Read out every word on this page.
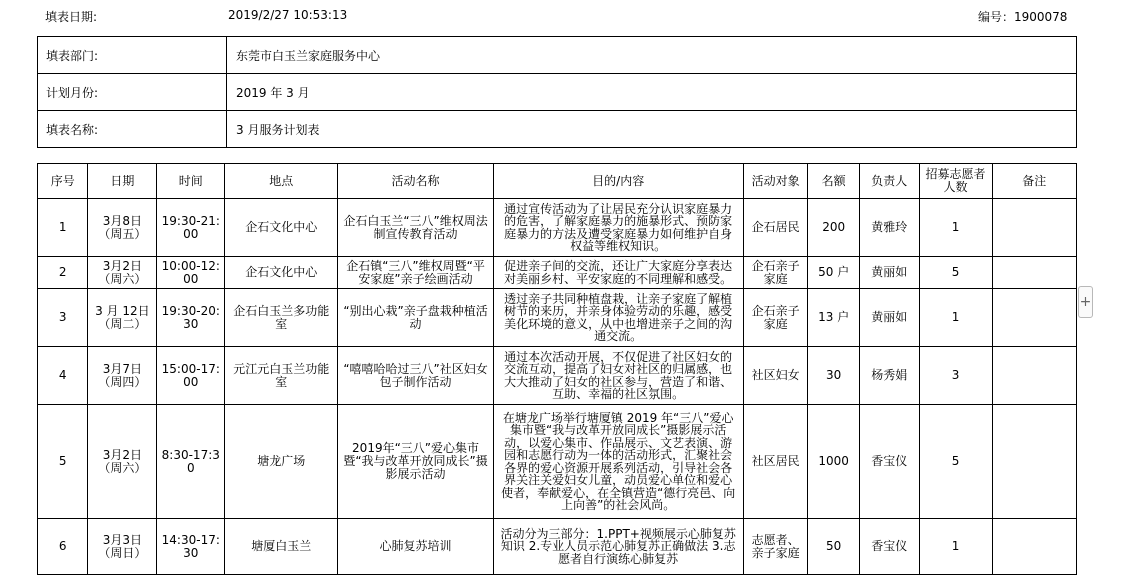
填表日期:	2019/2/27 10:53:13	编号：1900078
填表部门:	东莞市白玉兰家庭服务中心
计划月份:	2019 年 3 月
填表名称:	3 月服务计划表
序号	日期	时间	地点	活动名称	目的/内容	活动对象	名额	负责人	招募志愿者人数	备注
1	3月8日（周五）	19:30-21:00	企石文化中心	企石白玉兰“三八”维权周法制宣传教育活动	通过宣传活动为了让居民充分认识家庭暴力的危害，了解家庭暴力的施暴形式、预防家庭暴力的方法及遭受家庭暴力如何维护自身权益等维权知识。	企石居民	200	黄雅玲	1	
2	3月2日（周六）	10:00-12:00	企石文化中心	企石镇“三八”维权周暨“平安家庭”亲子绘画活动	促进亲子间的交流，还让广大家庭分享表达对美丽乡村、平安家庭的不同理解和感受。	企石亲子家庭	50 户	黄丽如	5	
3	3 月 12日（周二）	19:30-20:30	企石白玉兰多功能室	“别出心栽”亲子盘栽种植活动	透过亲子共同种植盘栽，让亲子家庭了解植树节的来历，并亲身体验劳动的乐趣，感受美化环境的意义，从中也增进亲子之间的沟通交流。	企石亲子家庭	13 户	黄丽如	1	
4	3月7日（周四）	15:00-17:00	元江元白玉兰功能室	“嘻嘻哈哈过三八”社区妇女包子制作活动	通过本次活动开展，不仅促进了社区妇女的交流互动，提高了妇女对社区的归属感，也大大推动了妇女的社区参与，营造了和谐、互助、幸福的社区氛围。	社区妇女	30	杨秀娟	3	
5	3月2日（周六）	8:30-17:30	塘龙广场	2019年“三八”爱心集市暨“我与改革开放同成长”摄影展示活动	在塘龙广场举行塘厦镇 2019 年“三八”爱心集市暨“我与改革开放同成长”摄影展示活动，以爱心集市、作品展示、文艺表演、游园和志愿行动为一体的活动形式，汇聚社会各界的爱心资源开展系列活动，引导社会各界关注关爱妇女儿童，动员爱心单位和爱心使者，奉献爱心，在全镇营造“德行亮邑、向上向善”的社会风尚。	社区居民	1000	香宝仪	5	
6	3月3日（周日）	14:30-17:30	塘厦白玉兰	心肺复苏培训	活动分为三部分：1.PPT+视频展示心肺复苏知识 2.专业人员示范心肺复苏正确做法 3.志愿者自行演练心肺复苏	志愿者、亲子家庭	50	香宝仪	1	
+
